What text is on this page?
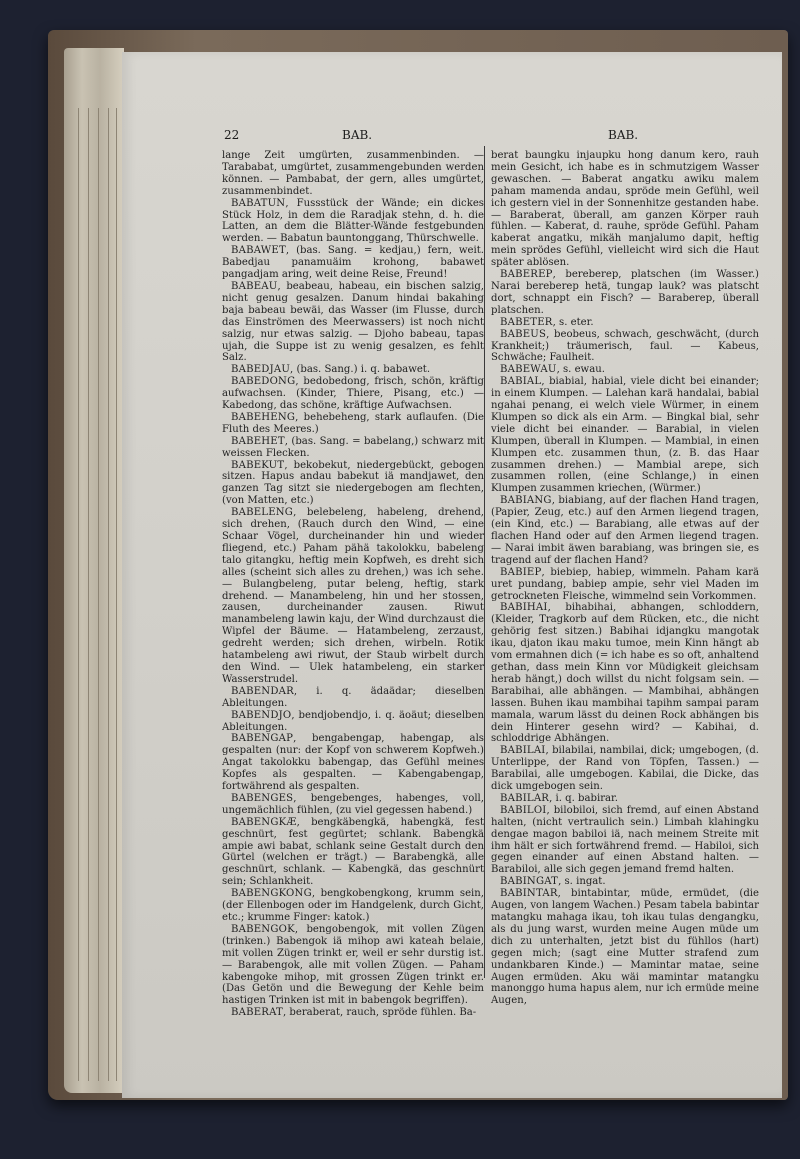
22	BAB.	BAB.

lange Zeit umgürten, zusammenbinden. — Tarababat, umgürtet, zusammengebunden werden können. — Pambabat, der gern, alles umgürtet, zusammenbindet.

BABATUN, Fussstück der Wände; ein dickes Stück Holz, in dem die Raradjak stehn, d. h. die Latten, an dem die Blätter-Wände festgebunden werden. — Babatun bauntonggang, Thürschwelle.

BABAWET, (bas. Sang. = kedjau,) fern, weit. Babedjau panamuäim krohong, babawet pangadjam aring, weit deine Reise, Freund!

BABEAU, beabeau, habeau, ein bischen salzig, nicht genug gesalzen. Danum hindai bakahing baja babeau bewäi, das Wasser (im Flusse, durch das Einströmen des Meerwassers) ist noch nicht salzig, nur etwas salzig. — Djoho babeau, tapas ujah, die Suppe ist zu wenig gesalzen, es fehlt Salz.

BABEDJAU, (bas. Sang.) i. q. babawet.

BABEDONG, bedobedong, frisch, schön, kräftig aufwachsen. (Kinder, Thiere, Pisang, etc.) — Kabedong, das schöne, kräftige Aufwachsen.

BABEHENG, behebeheng, stark auflaufen. (Die Fluth des Meeres.)

BABEHET, (bas. Sang. = babelang,) schwarz mit weissen Flecken.

BABEKUT, bekobekut, niedergebückt, gebogen sitzen. Hapus andau babekut iä mandjawet, den ganzen Tag sitzt sie niedergebogen am flechten, (von Matten, etc.)

BABELENG, belebeleng, habeleng, drehend, sich drehen, (Rauch durch den Wind, — eine Schaar Vögel, durcheinander hin und wieder fliegend, etc.) Paham pähä takolokku, babeleng talo gitangku, heftig mein Kopfweh, es dreht sich alles (scheint sich alles zu drehen,) was ich sehe. — Bulangbeleng, putar beleng, heftig, stark drehend. — Manambeleng, hin und her stossen, zausen, durcheinander zausen. Riwut manambeleng lawin kaju, der Wind durchzaust die Wipfel der Bäume. — Hatambeleng, zerzaust, gedreht werden; sich drehen, wirbeln. Rotik hatambeleng awi riwut, der Staub wirbelt durch den Wind. — Ulek hatambeleng, ein starker Wasserstrudel.

BABENDAR, i. q. ädaädar; dieselben Ableitungen.

BABENDJO, bendjobendjo, i. q. äoäut; dieselben Ableitungen.

BABENGAP, bengabengap, habengap, als gespalten (nur: der Kopf von schwerem Kopfweh.) Angat takolokku babengap, das Gefühl meines Kopfes als gespalten. — Kabengabengap, fortwährend als gespalten.

BABENGES, bengebenges, habenges, voll, ungemächlich fühlen, (zu viel gegessen habend.)

BABENGKÆ, bengkäbengkä, habengkä, fest geschnürt, fest gegürtet; schlank. Babengkä ampie awi babat, schlank seine Gestalt durch den Gürtel (welchen er trägt.) — Barabengkä, alle geschnürt, schlank. — Kabengkä, das geschnürt sein; Schlankheit.

BABENGKONG, bengkobengkong, krumm sein, (der Ellenbogen oder im Handgelenk, durch Gicht, etc.; krumme Finger: katok.)

BABENGOK, bengobengok, mit vollen Zügen (trinken.) Babengok iä mihop awi kateah belaie, mit vollen Zügen trinkt er, weil er sehr durstig ist. — Barabengok, alle mit vollen Zügen. — Paham kabengoke mihop, mit grossen Zügen trinkt er. (Das Getön und die Bewegung der Kehle beim hastigen Trinken ist mit in babengok begriffen).

BABERAT, beraberat, rauch, spröde fühlen. Ba-

berat baungku injaupku hong danum kero, rauh mein Gesicht, ich habe es in schmutzigem Wasser gewaschen. — Baberat angatku awiku malem paham mamenda andau, spröde mein Gefühl, weil ich gestern viel in der Sonnenhitze gestanden habe. — Baraberat, überall, am ganzen Körper rauh fühlen. — Kaberat, d. rauhe, spröde Gefühl. Paham kaberat angatku, mikäh manjalumo dapit, heftig mein sprödes Gefühl, vielleicht wird sich die Haut später ablösen.

BABEREP, bereberep, platschen (im Wasser.) Narai bereberep hetä, tungap lauk? was platscht dort, schnappt ein Fisch? — Baraberep, überall platschen.

BABETER, s. eter.

BABEUS, beobeus, schwach, geschwächt, (durch Krankheit;) träumerisch, faul. — Kabeus, Schwäche; Faulheit.

BABEWAU, s. ewau.

BABIAL, biabial, habial, viele dicht bei einander; in einem Klumpen. — Lalehan karä handalai, babial ngahai penang, ei welch viele Würmer, in einem Klumpen so dick als ein Arm. — Bingkal bial, sehr viele dicht bei einander. — Barabial, in vielen Klumpen, überall in Klumpen. — Mambial, in einen Klumpen etc. zusammen thun, (z. B. das Haar zusammen drehen.) — Mambial arepe, sich zusammen rollen, (eine Schlange,) in einen Klumpen zusammen kriechen, (Würmer.)

BABIANG, biabiang, auf der flachen Hand tragen, (Papier, Zeug, etc.) auf den Armen liegend tragen, (ein Kind, etc.) — Barabiang, alle etwas auf der flachen Hand oder auf den Armen liegend tragen. — Narai imbit äwen barabiang, was bringen sie, es tragend auf der flachen Hand?

BABIEP, biebiep, habiep, wimmeln. Paham karä uret pundang, babiep ampie, sehr viel Maden im getrockneten Fleische, wimmelnd sein Vorkommen.

BABIHAI, bihabihai, abhangen, schloddern, (Kleider, Tragkorb auf dem Rücken, etc., die nicht gehörig fest sitzen.) Babihai idjangku mangotak ikau, djaton ikau maku tumoe, mein Kinn hängt ab vom ermahnen dich (= ich habe es so oft, anhaltend gethan, dass mein Kinn vor Müdigkeit gleichsam herab hängt,) doch willst du nicht folgsam sein. — Barabihai, alle abhängen. — Mambihai, abhängen lassen. Buhen ikau mambihai tapihm sampai param mamala, warum lässt du deinen Rock abhängen bis dein Hinterer gesehn wird? — Kabihai, d. schloddrige Abhängen.

BABILAI, bilabilai, nambilai, dick; umgebogen, (d. Unterlippe, der Rand von Töpfen, Tassen.) — Barabilai, alle umgebogen. Kabilai, die Dicke, das dick umgebogen sein.

BABILAR, i. q. babirar.

BABILOI, bilobiloi, sich fremd, auf einen Abstand halten, (nicht vertraulich sein.) Limbah klahingku dengae magon babiloi iä, nach meinem Streite mit ihm hält er sich fortwährend fremd. — Habiloi, sich gegen einander auf einen Abstand halten. — Barabiloi, alle sich gegen jemand fremd halten.

BABINGAT, s. ingat.

BABINTAR, bintabintar, müde, ermüdet, (die Augen, von langem Wachen.) Pesam tabela babintar matangku mahaga ikau, toh ikau tulas dengangku, als du jung warst, wurden meine Augen müde um dich zu unterhalten, jetzt bist du fühllos (hart) gegen mich; (sagt eine Mutter strafend zum undankbaren Kinde.) — Mamintar matae, seine Augen ermüden. Aku wäi mamintar matangku manonggo huma hapus alem, nur ich ermüde meine Augen,
